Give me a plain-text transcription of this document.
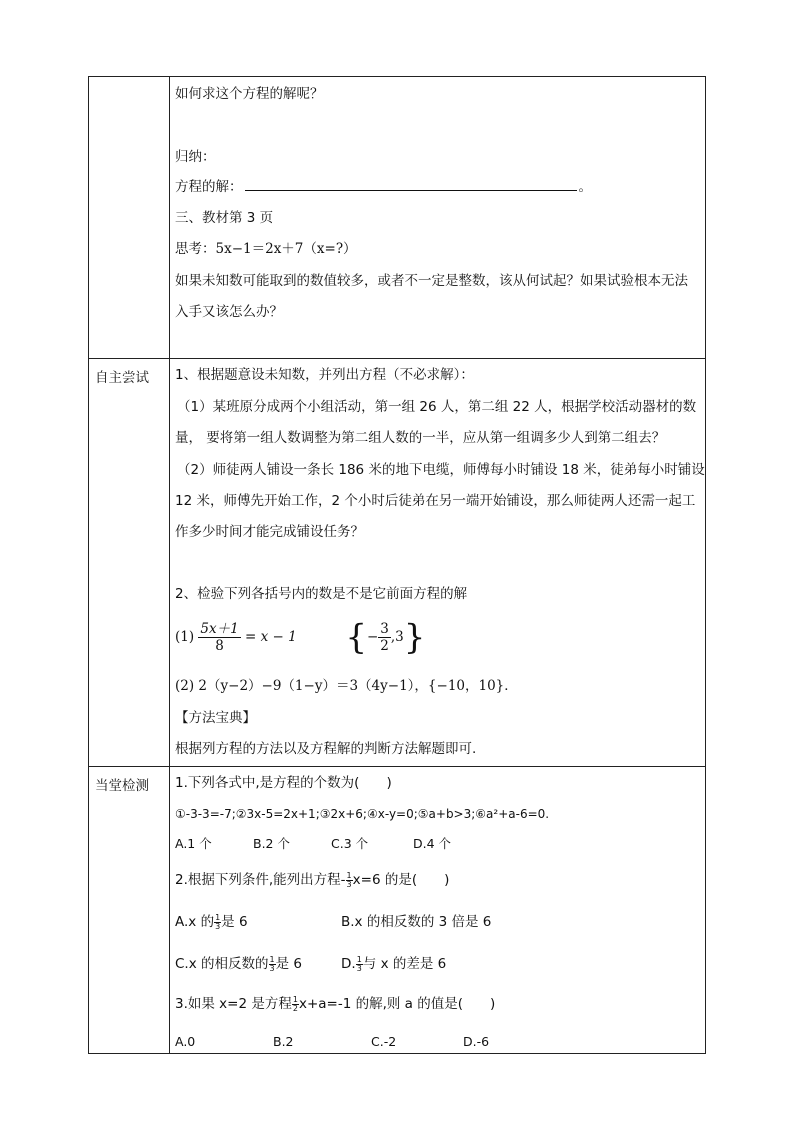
如何求这个方程的解呢？
归纳：
方程的解：	。
三、教材第 3 页
思考：5x−1＝2x＋7（x=?）
如果未知数可能取到的数值较多，或者不一定是整数，该从何试起？如果试验根本无法
入手又该怎么办？
自主尝试 1、根据题意设未知数，并列出方程（不必求解）：
（1）某班原分成两个小组活动，第一组 26 人，第二组 22 人，根据学校活动器材的数
量， 要将第一组人数调整为第二组人数的一半，应从第一组调多少人到第二组去？
（2）师徒两人铺设一条长 186 米的地下电缆，师傅每小时铺设 18 米，徒弟每小时铺设
12 米，师傅先开始工作，2 个小时后徒弟在另一端开始铺设，那么师徒两人还需一起工
作多少时间才能完成铺设任务？
2、检验下列各括号内的数是不是它前面方程的解
$(1) \frac{5x+1}{8} = x - 1$ {− $\frac{3}{2} ,3$}
(2) 2（y−2）−9（1−y）＝3（4y−1），{−10，10}．
【方法宝典】
根据列方程的方法以及方程解的判断方法解题即可.
当堂检测 1.下列各式中,是方程的个数为(　　)
①-3-3=-7;②3x-5=2x+1;③2x+6;④x-y=0;⑤a+b>3;⑥a²+a-6=0.
A.1 个	B.2 个	C.3 个	D.4 个
2.根据下列条件,能列出方程- $\frac{1}{3} x=6$ 的是(　　)
A.x 的 $\frac{1}{3}$ 是 6	B.x 的相反数的 3 倍是 6
C.x 的相反数的 $\frac{1}{3}$ 是 6	D. $\frac{1}{3}$ 与 x 的差是 6
3.如果 x=2 是方程 $\frac{1}{2} x+a=-1$ 的解,则 a 的值是(　　)
A.0	B.2	C.-2	D.-6
